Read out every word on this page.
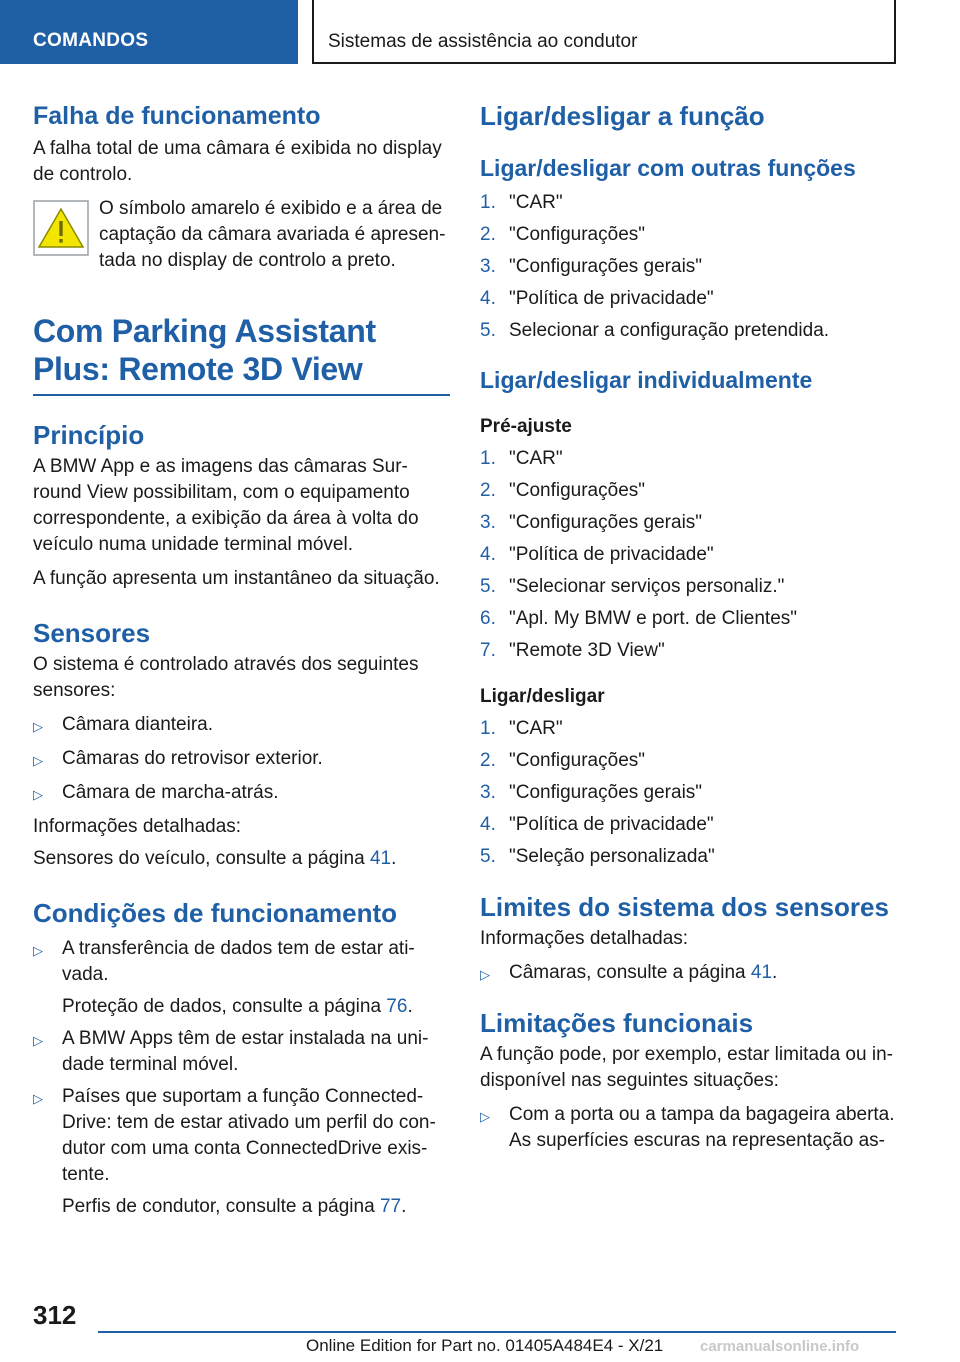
COMANDOS	Sistemas de assistência ao condutor
Falha de funcionamento
A falha total de uma câmara é exibida no display de controlo.
O símbolo amarelo é exibido e a área de captação da câmara avariada é apresen- tada no display de controlo a preto.
Com Parking Assistant Plus: Remote 3D View
Princípio
A BMW App e as imagens das câmaras Sur- round View possibilitam, com o equipamento correspondente, a exibição da área à volta do veículo numa unidade terminal móvel.
A função apresenta um instantâneo da situação.
Sensores
O sistema é controlado através dos seguintes sensores:
▷	Câmara dianteira.
▷	Câmaras do retrovisor exterior.
▷	Câmara de marcha-atrás.
Informações detalhadas:
Sensores do veículo, consulte a página 41.
Condições de funcionamento
▷	A transferência de dados tem de estar ati- vada.
Proteção de dados, consulte a página 76.
▷	A BMW Apps têm de estar instalada na uni- dade terminal móvel.
▷	Países que suportam a função Connected- Drive: tem de estar ativado um perfil do con- dutor com uma conta ConnectedDrive exis- tente.
Perfis de condutor, consulte a página 77.
Ligar/desligar a função
Ligar/desligar com outras funções
1. "CAR"
2. "Configurações"
3. "Configurações gerais"
4. "Política de privacidade"
5. Selecionar a configuração pretendida.
Ligar/desligar individualmente
Pré-ajuste
1. "CAR"
2. "Configurações"
3. "Configurações gerais"
4. "Política de privacidade"
5. "Selecionar serviços personaliz."
6. "Apl. My BMW e port. de Clientes"
7. "Remote 3D View"
Ligar/desligar
1. "CAR"
2. "Configurações"
3. "Configurações gerais"
4. "Política de privacidade"
5. "Seleção personalizada"
Limites do sistema dos sensores
Informações detalhadas:
▷	Câmaras, consulte a página 41.
Limitações funcionais
A função pode, por exemplo, estar limitada ou in- disponível nas seguintes situações:
▷	Com a porta ou a tampa da bagageira aberta. As superfícies escuras na representação as-
312
Online Edition for Part no. 01405A484E4 - X/21 carmanualsonline.info
